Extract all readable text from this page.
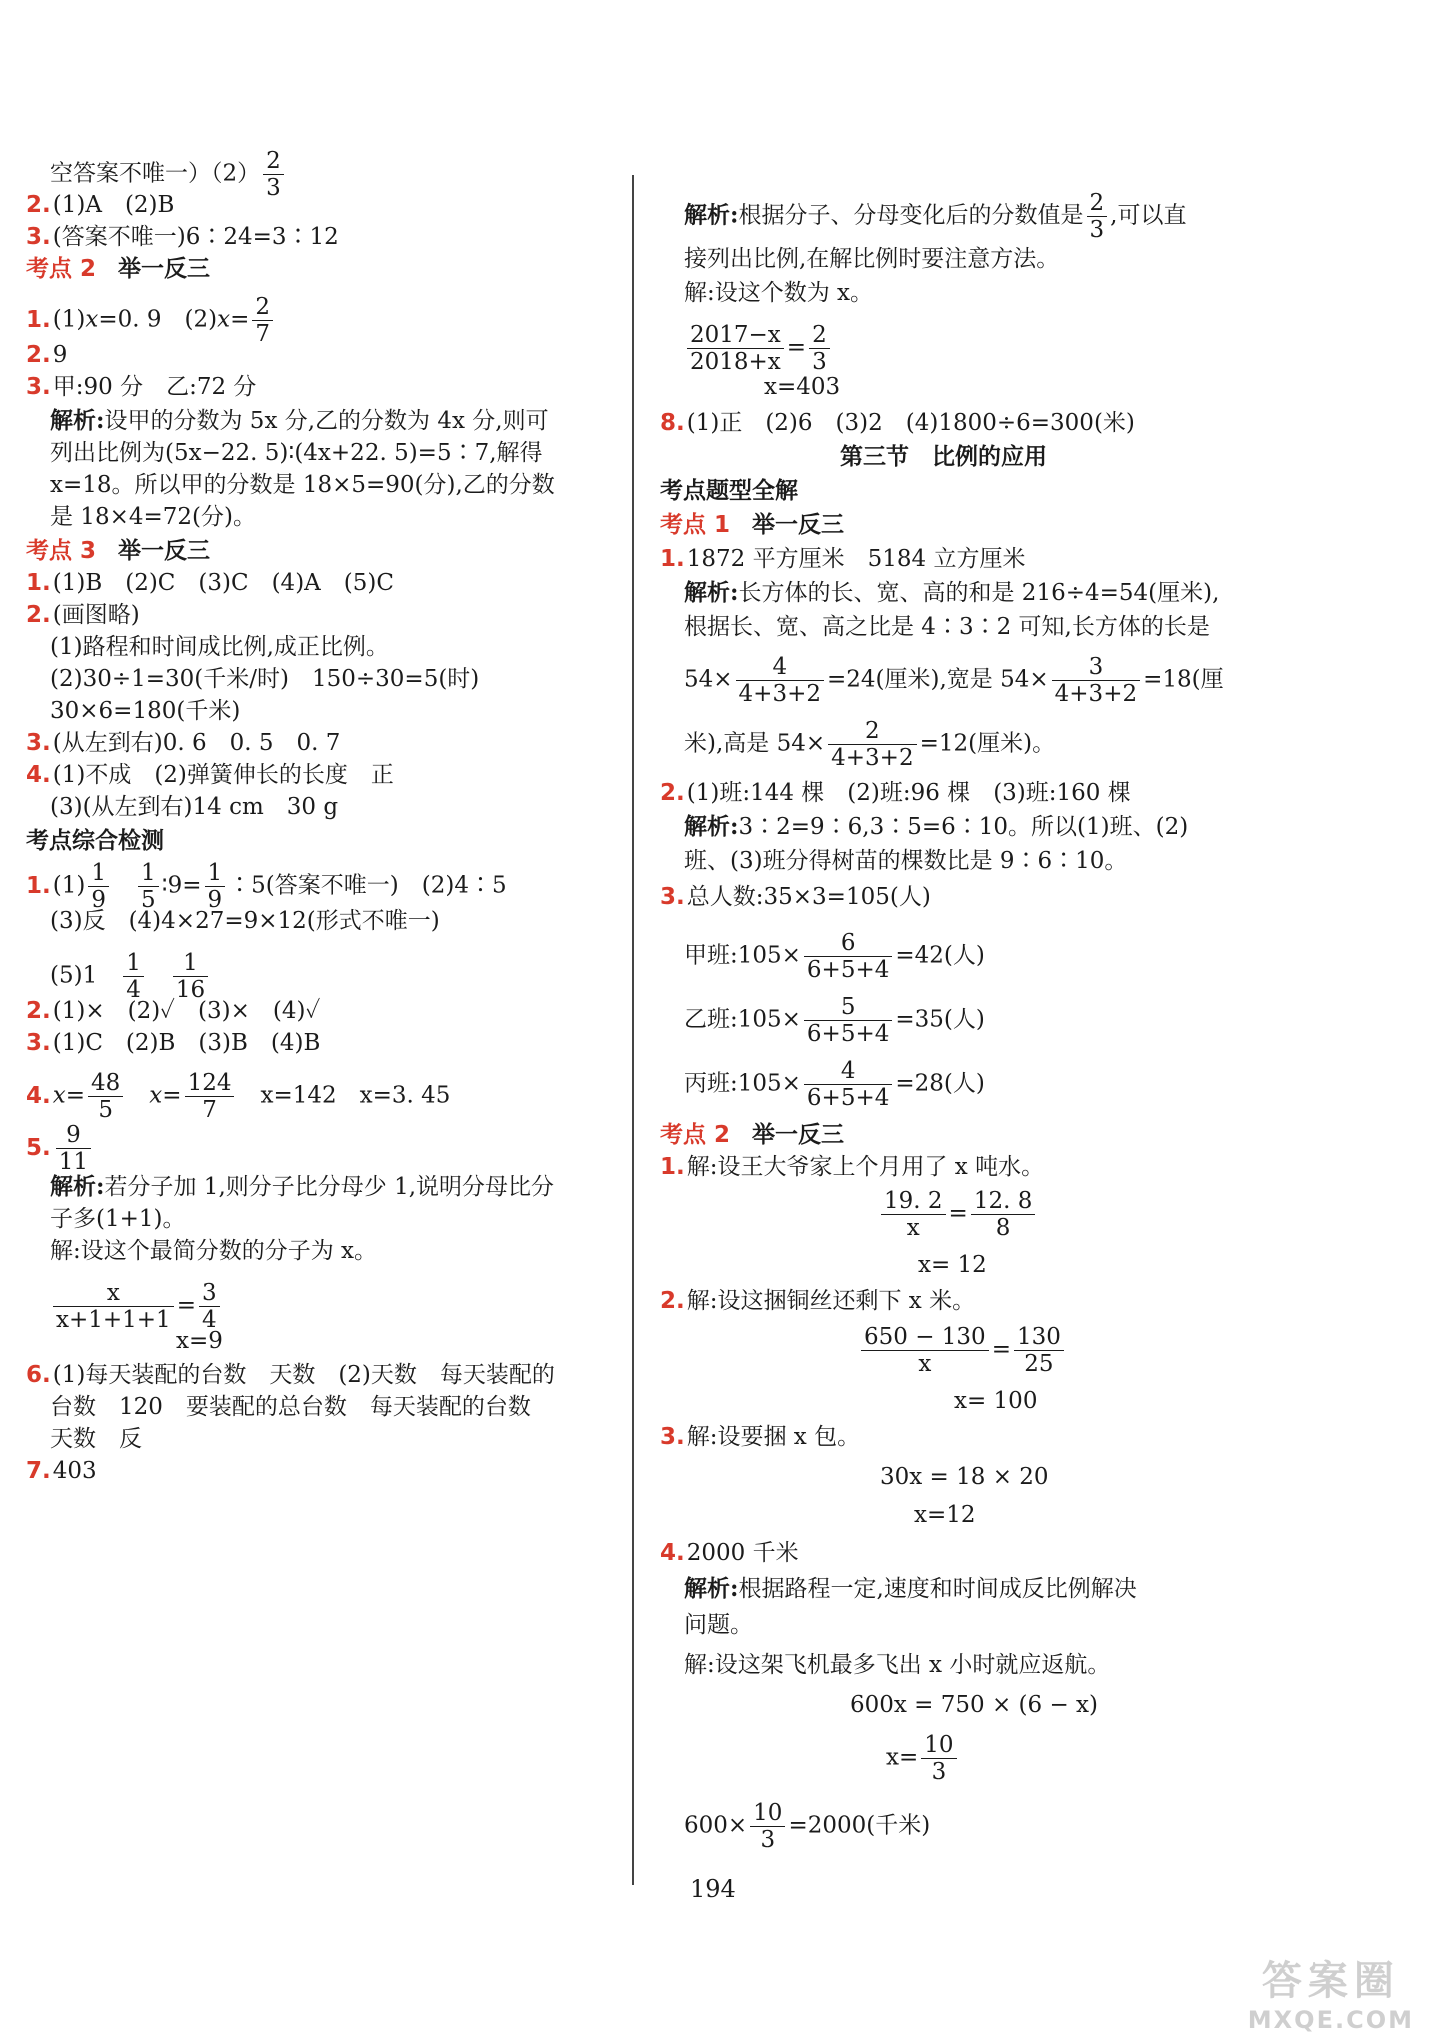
空答案不唯一）$(2) \frac{2}{3}$
2.(1)A　(2)B
3.(答案不唯一)6∶24=3∶12
考点 2 举一反三
1.(1)x=0. 9　$(2)x= \frac{2}{7}$
2.9
3.甲:90 分　乙:72 分
解析:设甲的分数为 5x 分,乙的分数为 4x 分,则可
列出比例为(5x−22. 5)∶(4x+22. 5)=5∶7,解得
x=18。所以甲的分数是 18×5=90(分),乙的分数
是 18×4=72(分)。
考点 3 举一反三
1.(1)B　(2)C　(3)C　(4)A　(5)C
2.(画图略)
(1)路程和时间成比例,成正比例。
(2)30÷1=30(千米/时)　150÷30=5(时)
30×6=180(千米)
3.(从左到右)0. 6　0. 5　0. 7
4.(1)不成　(2)弹簧伸长的长度　正
(3)(从左到右)14 cm　30 g
考点综合检测
$1.(1) \frac{1}{9}$
　 $\frac{1}{5}$ ∶9= $\frac{1}{9}$ ∶5(答案不唯一)　(2)4∶5
(3)反　(4)4×27=9×12(形式不唯一)
(5)1　 $\frac{1}{4}$
　 $\frac{1}{16}$
2.(1)×　(2)✓　(3)×　(4)✓
3.(1)C　(2)B　(3)B　(4)B
$4.x= \frac{48}{5}$
　 $x= \frac{124}{7}$
　 x=142　x=3. 45
5. $\frac{9}{11}$
解析:若分子加 1,则分子比分母少 1,说明分母比分
子多(1+1)。
解:设这个最简分数的分子为 x。
$\frac{x}{x+1+1+1} = \frac{3}{4}$
x=9
6.(1)每天装配的台数　天数　(2)天数　每天装配的
台数　120　要装配的总台数　每天装配的台数
天数　反
7.403
解析:根据分子、分母变化后的分数值是 $\frac{2}{3}$ ,可以直
接列出比例,在解比例时要注意方法。
解:设这个数为 x。
$\frac{2017-x}{2018+x} = \frac{2}{3}$
x=403
8.(1)正　(2)6　(3)2　(4)1800÷6=300(米)
第三节　比例的应用
考点题型全解
考点 1 举一反三
1.1872 平方厘米　5184 立方厘米
解析:长方体的长、宽、高的和是 216÷4=54(厘米),
根据长、宽、高之比是 4∶3∶2 可知,长方体的长是
$54\times \frac{4}{4+3+2} =24$(厘米),宽是 $54\times \frac{3}{4+3+2} =18$(厘
米),高是 $54\times \frac{2}{4+3+2} =12$(厘米)。
2.(1)班:144 棵　(2)班:96 棵　(3)班:160 棵
解析:3∶2=9∶6,3∶5=6∶10。所以(1)班、(2)
班、(3)班分得树苗的棵数比是 9∶6∶10。
3.总人数:35×3=105(人)
甲班:105× $\frac{6}{6+5+4} =42$(人)
乙班:105× $\frac{5}{6+5+4} =35$(人)
丙班:105× $\frac{4}{6+5+4} =28$(人)
考点 2 举一反三
1.解:设王大爷家上个月用了 x 吨水。
$\frac{19. 2}{x} = \frac{12. 8}{8}$
x= 12
2.解:设这捆铜丝还剩下 x 米。
$\frac{650 - 130}{x} = \frac{130}{25}$
x= 100
3.解:设要捆 x 包。
30x = 18 × 20
x=12
4.2000 千米
解析:根据路程一定,速度和时间成反比例解决
问题。
解:设这架飞机最多飞出 x 小时就应返航。
600x = 750 × (6 − x)
$x= \frac{10}{3}$
$600\times \frac{10}{3} =2000$(千米)
194
答案圈
MXQE.COM
